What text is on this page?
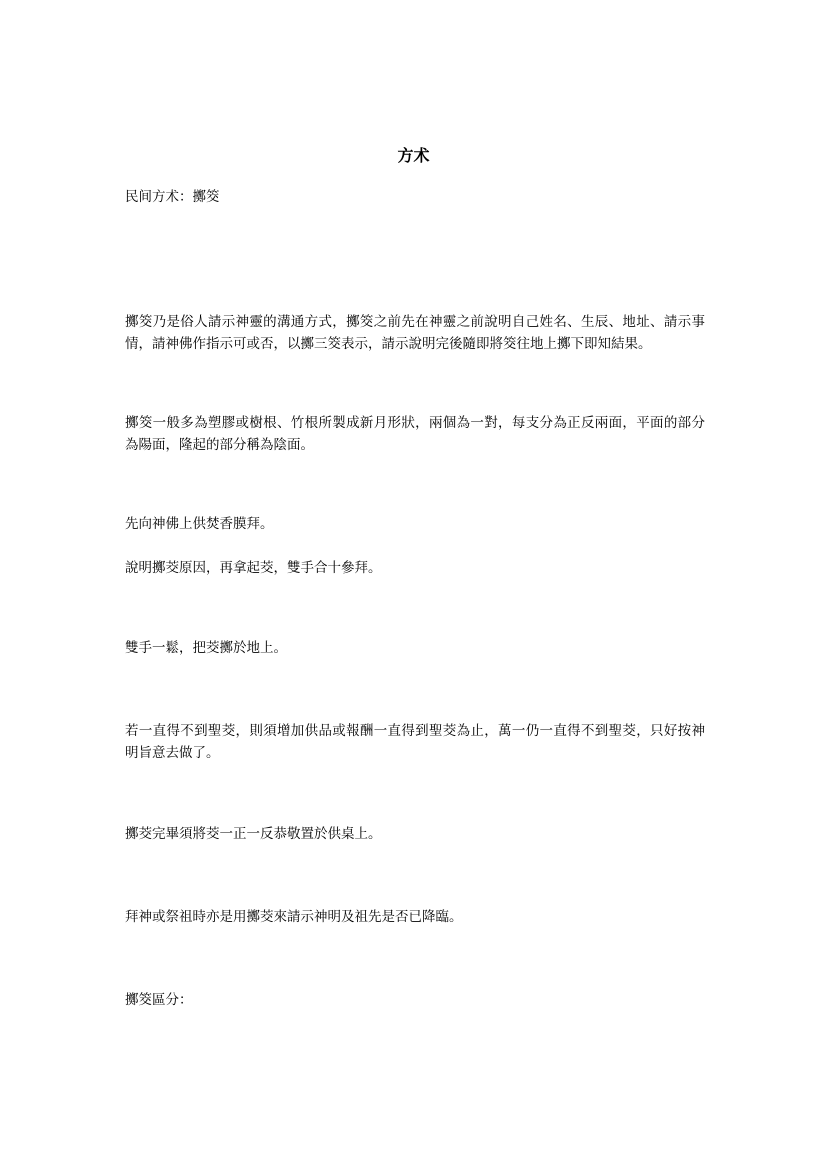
方术
民间方术：擲筊
擲筊乃是俗人請示神靈的溝通方式，擲筊之前先在神靈之前說明自己姓名、生辰、地址、請示事情，請神佛作指示可或否，以擲三筊表示，請示說明完後隨即將筊往地上擲下即知結果。
擲筊一般多為塑膠或樹根、竹根所製成新月形狀，兩個為一對，每支分為正反兩面，平面的部分為陽面，隆起的部分稱為陰面。
先向神佛上供焚香膜拜。
說明擲茭原因，再拿起茭，雙手合十參拜。
雙手一鬆，把茭擲於地上。
若一直得不到聖茭，則須增加供品或報酬一直得到聖茭為止，萬一仍一直得不到聖茭，只好按神明旨意去做了。
擲茭完畢須將茭一正一反恭敬置於供桌上。
拜神或祭祖時亦是用擲茭來請示神明及祖先是否已降臨。
擲筊區分：
